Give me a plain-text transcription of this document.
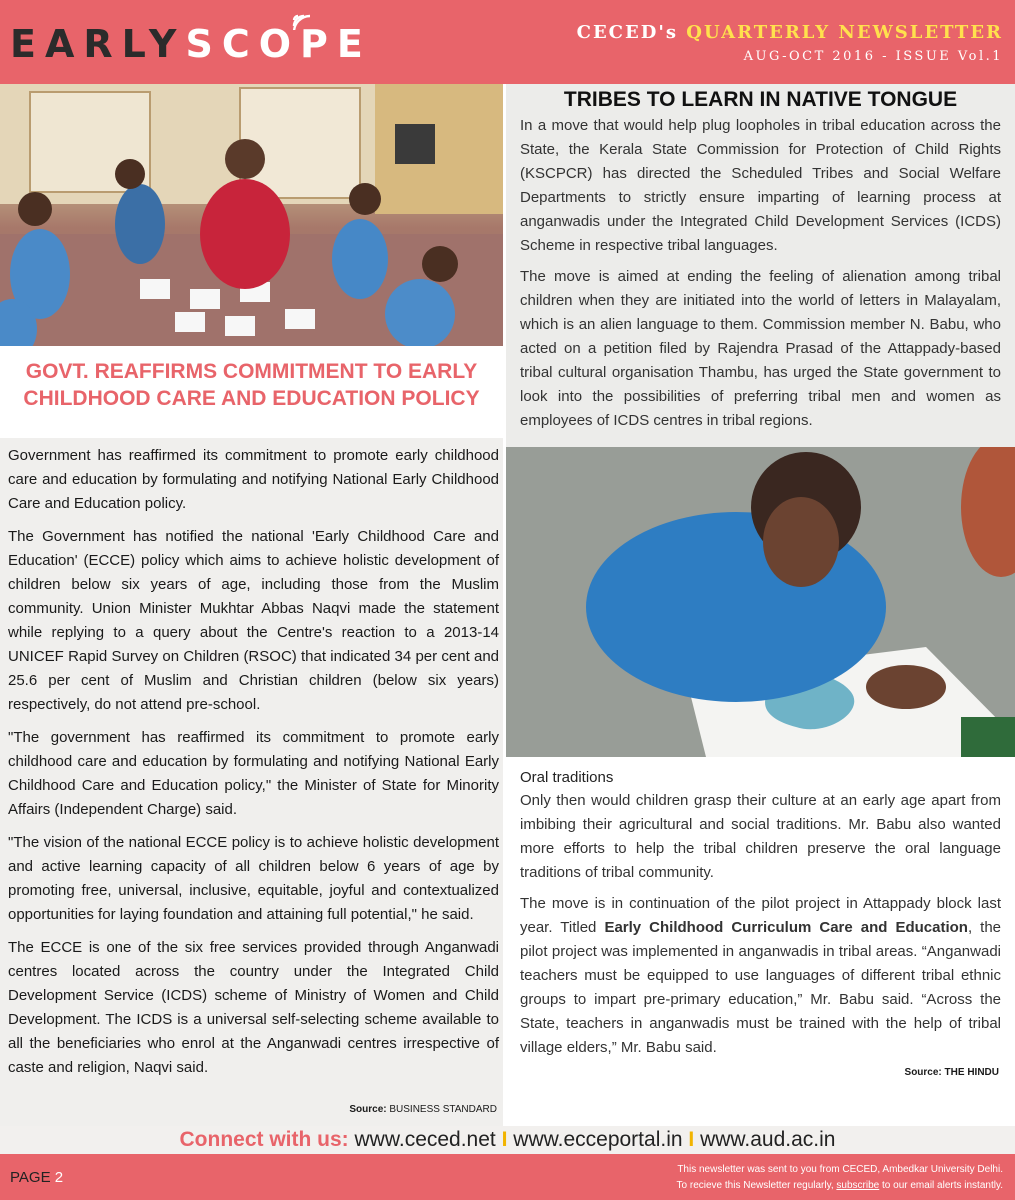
EARLYSCOPE	CECED's QUARTERLY NEWSLETTER
AUG-OCT 2016 - ISSUE Vol.1
GOVT. REAFFIRMS COMMITMENT TO EARLY
CHILDHOOD CARE AND EDUCATION POLICY

Government has reaffirmed its commitment to promote early childhood care and education by formulating and notifying National Early Childhood Care and Education policy.

The Government has notified the national 'Early Childhood Care and Education' (ECCE) policy which aims to achieve holistic development of children below six years of age, including those from the Muslim community. Union Minister Mukhtar Abbas Naqvi made the statement while replying to a query about the Centre's reaction to a 2013-14 UNICEF Rapid Survey on Children (RSOC) that indicated 34 per cent and 25.6 per cent of Muslim and Christian children (below six years) respectively, do not attend pre-school.

"The government has reaffirmed its commitment to promote early childhood care and education by formulating and notifying National Early Childhood Care and Education policy," the Minister of State for Minority Affairs (Independent Charge) said.

"The vision of the national ECCE policy is to achieve holistic development and active learning capacity of all children below 6 years of age by promoting free, universal, inclusive, equitable, joyful and contextualized opportunities for laying foundation and attaining full potential," he said.

The ECCE is one of the six free services provided through Anganwadi centres located across the country under the Integrated Child Development Service (ICDS) scheme of Ministry of Women and Child Development. The ICDS is a universal self-selecting scheme available to all the beneficiaries who enrol at the Anganwadi centres irrespective of caste and religion, Naqvi said.

Source: BUSINESS STANDARD
TRIBES TO LEARN IN NATIVE TONGUE

In a move that would help plug loopholes in tribal education across the State, the Kerala State Commission for Protection of Child Rights (KSCPCR) has directed the Scheduled Tribes and Social Welfare Departments to strictly ensure imparting of learning process at anganwadis under the Integrated Child Development Services (ICDS) Scheme in respective tribal languages.

The move is aimed at ending the feeling of alienation among tribal children when they are initiated into the world of letters in Malayalam, which is an alien language to them. Commission member N. Babu, who acted on a petition filed by Rajendra Prasad of the Attappady-based tribal cultural organisation Thambu, has urged the State government to look into the possibilities of preferring tribal men and women as employees of ICDS centres in tribal regions.

Oral traditions

Only then would children grasp their culture at an early age apart from imbibing their agricultural and social traditions. Mr. Babu also wanted more efforts to help the tribal children preserve the oral language traditions of tribal community.

The move is in continuation of the pilot project in Attappady block last year. Titled Early Childhood Curriculum Care and Education, the pilot project was implemented in anganwadis in tribal areas. “Anganwadi teachers must be equipped to use languages of different tribal ethnic groups to impart pre-primary education,” Mr. Babu said. “Across the State, teachers in anganwadis must be trained with the help of tribal village elders,” Mr. Babu said.

Source: THE HINDU
Connect with us: www.ceced.net I www.ecceportal.in I www.aud.ac.in
PAGE 2	This newsletter was sent to you from CECED, Ambedkar University Delhi.
To recieve this Newsletter regularly, subscribe to our email alerts instantly.
